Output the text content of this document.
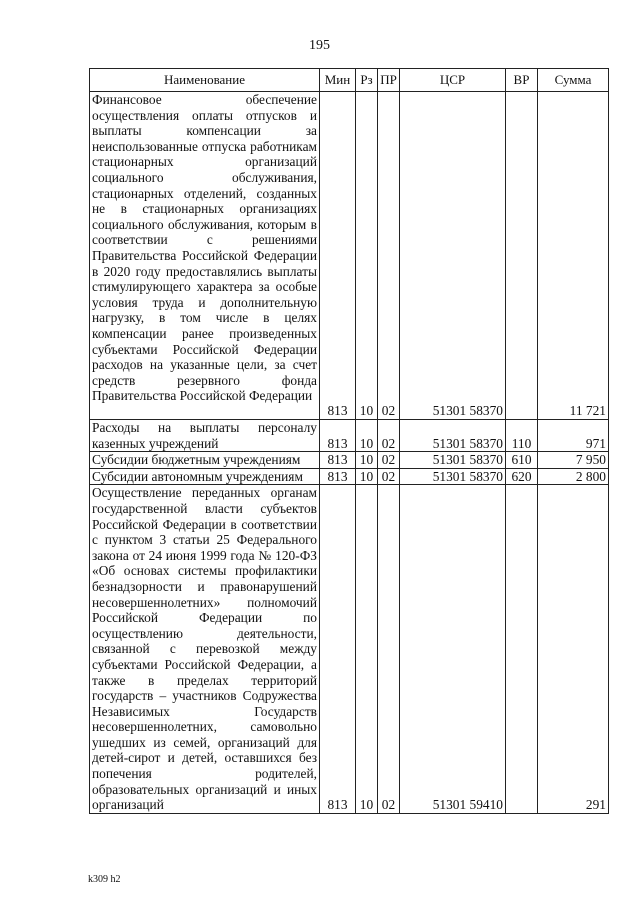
195
Наименование	Мин	Рз	ПР	ЦСР	ВР	Сумма
Финансовое обеспечение осуществления оплаты отпусков и выплаты компенсации за неиспользованные отпуска работникам стационарных организаций социального обслуживания, стационарных отделений, созданных не в стационарных организациях социального обслуживания, которым в соответствии с решениями Правительства Российской Федерации в 2020 году предоставлялись выплаты стимулирующего характера за особые условия труда и дополнительную нагрузку, в том числе в целях компенсации ранее произведенных субъектами Российской Федерации расходов на указанные цели, за счет средств резервного фонда Правительства Российской Федерации	813	10	02	51301 58370		11 721
Расходы на выплаты персоналу казенных учреждений	813	10	02	51301 58370	110	971
Субсидии бюджетным учреждениям	813	10	02	51301 58370	610	7 950
Субсидии автономным учреждениям	813	10	02	51301 58370	620	2 800
Осуществление переданных органам государственной власти субъектов Российской Федерации в соответствии с пунктом 3 статьи 25 Федерального закона от 24 июня 1999 года № 120-ФЗ «Об основах системы профилактики безнадзорности и правонарушений несовершеннолетних» полномочий Российской Федерации по осуществлению деятельности, связанной с перевозкой между субъектами Российской Федерации, а также в пределах территорий государств – участников Содружества Независимых Государств несовершеннолетних, самовольно ушедших из семей, организаций для детей-сирот и детей, оставшихся без попечения родителей, образовательных организаций и иных организаций	813	10	02	51301 59410		291
k309 h2
